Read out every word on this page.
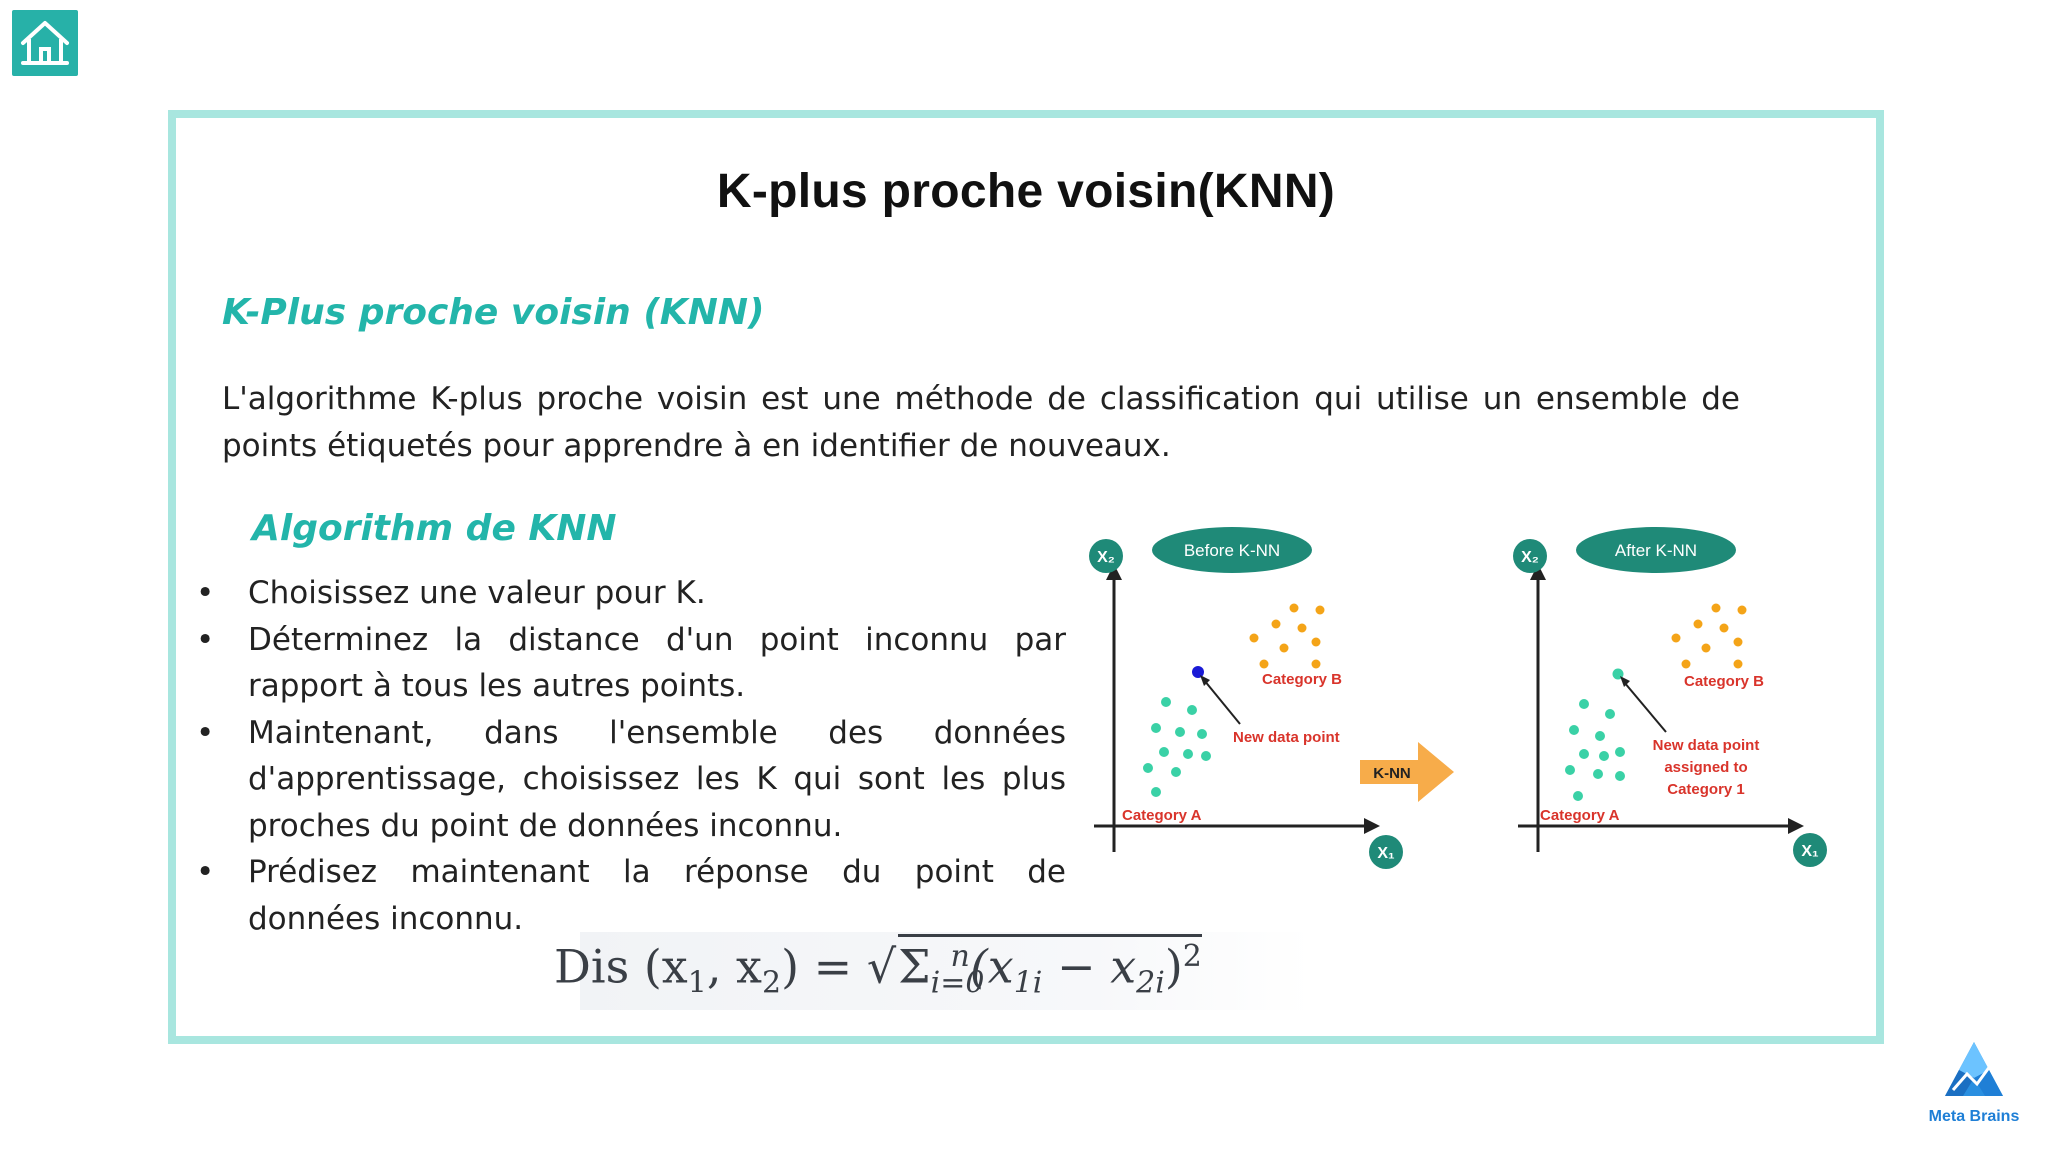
K-plus proche voisin(KNN)
K-Plus proche voisin (KNN)
L'algorithme K-plus proche voisin est une méthode de classification qui utilise un ensemble de points étiquetés pour apprendre à en identifier de nouveaux.
Algorithm de KNN
• Choisissez une valeur pour K.
• Déterminez la distance d'un point inconnu par rapport à tous les autres points.
• Maintenant, dans l'ensemble des données d'apprentissage, choisissez les K qui sont les plus proches du point de données inconnu.
• Prédisez maintenant la réponse du point de données inconnu.
Dis ($x_1$, $x_2) = √\Sigma_{i=0}^n(x_{1i} - x_{2i})^2$
Before K-NN
X₂
X₁
Category B
New data point
Category A
K-NN
After K-NN
X₂
X₁
Category B
New data point
assigned to
Category 1
Category A
Meta Brains
